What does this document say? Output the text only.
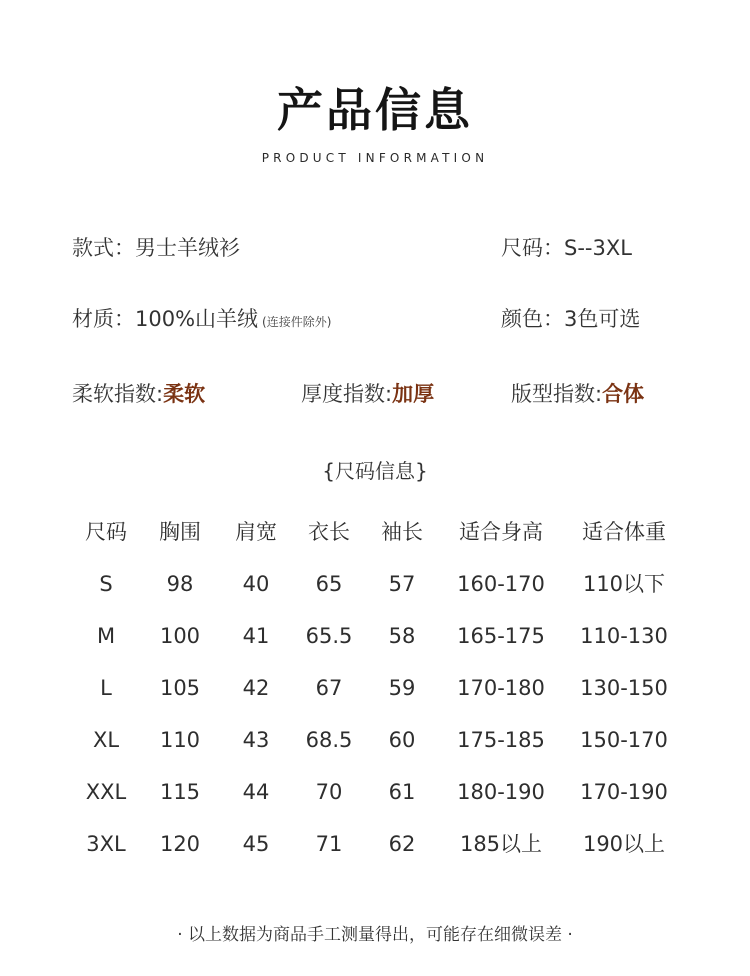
产品信息
PRODUCT INFORMATION
款式：男士羊绒衫	尺码：S--3XL
材质：100%山羊绒 (连接件除外)	颜色：3色可选
柔软指数:柔软	厚度指数:加厚	版型指数:合体
{尺码信息}
尺码 胸围 肩宽 衣长 袖长 适合身高 适合体重
S	98 40 65 57 160-170 110以下
M 100 41 65.5 58 165-175 110-130
L 105 42 67 59 170-180 130-150
XL 110 43 68.5 60 175-185 150-170
XXL 115 44 70 61 180-190 170-190
3XL 120 45 71 62 185以上 190以上
· 以上数据为商品手工测量得出，可能存在细微误差 ·
